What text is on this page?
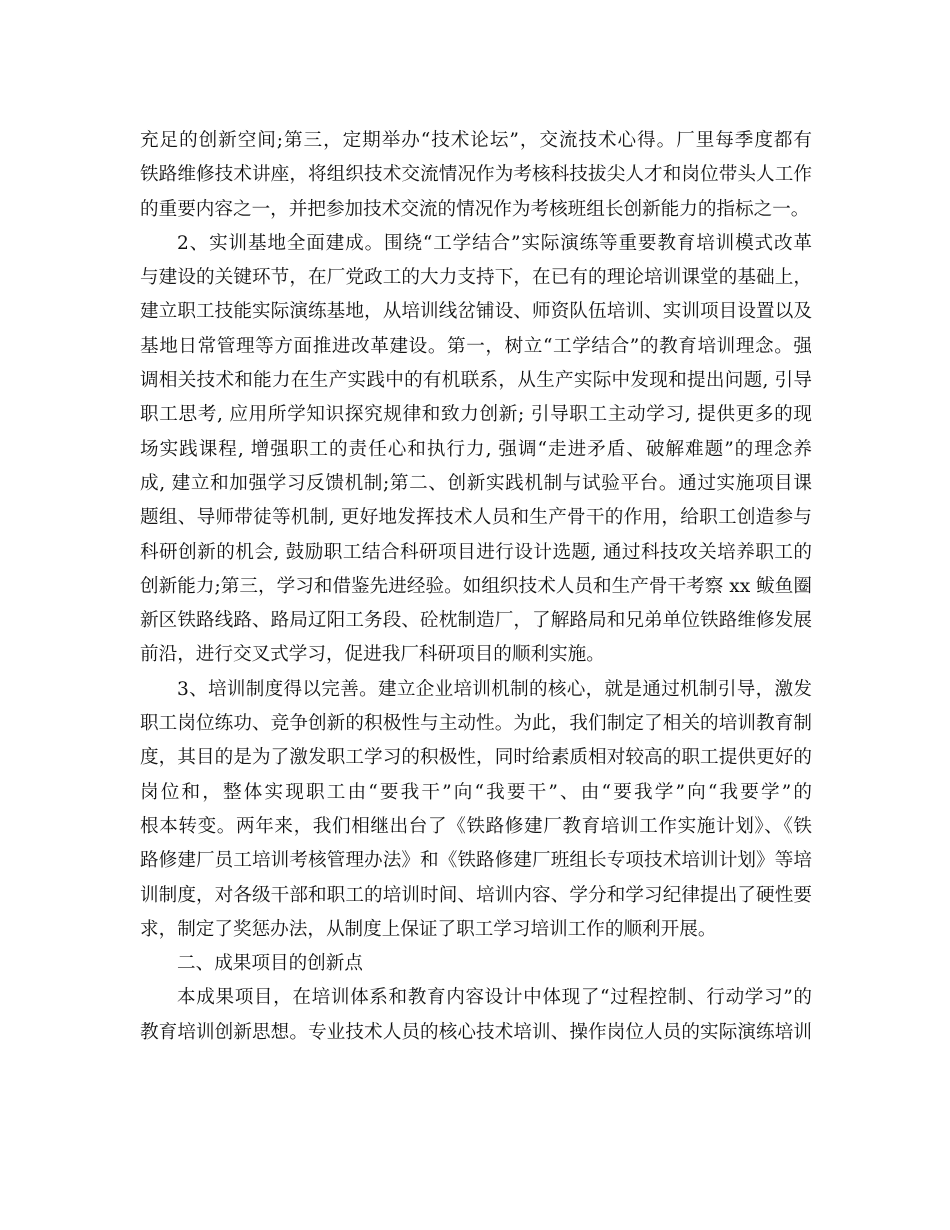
充足的创新空间;第三，定期举办“技术论坛”，交流技术心得。厂里每季度都有
铁路维修技术讲座，将组织技术交流情况作为考核科技拔尖人才和岗位带头人工作
的重要内容之一，并把参加技术交流的情况作为考核班组长创新能力的指标之一。
2、实训基地全面建成。围绕“工学结合”实际演练等重要教育培训模式改革
与建设的关键环节，在厂党政工的大力支持下，在已有的理论培训课堂的基础上，
建立职工技能实际演练基地，从培训线岔铺设、师资队伍培训、实训项目设置以及
基地日常管理等方面推进改革建设。第一，树立“工学结合”的教育培训理念。强
调相关技术和能力在生产实践中的有机联系，从生产实际中发现和提出问题, 引导
职工思考, 应用所学知识探究规律和致力创新; 引导职工主动学习, 提供更多的现
场实践课程, 增强职工的责任心和执行力, 强调“走进矛盾、破解难题”的理念养
成, 建立和加强学习反馈机制;第二、创新实践机制与试验平台。通过实施项目课
题组、导师带徒等机制, 更好地发挥技术人员和生产骨干的作用，给职工创造参与
科研创新的机会, 鼓励职工结合科研项目进行设计选题, 通过科技攻关培养职工的
创新能力;第三，学习和借鉴先进经验。如组织技术人员和生产骨干考察 xx 鲅鱼圈
新区铁路线路、路局辽阳工务段、砼枕制造厂，了解路局和兄弟单位铁路维修发展
前沿，进行交叉式学习，促进我厂科研项目的顺利实施。
3、培训制度得以完善。建立企业培训机制的核心，就是通过机制引导，激发
职工岗位练功、竞争创新的积极性与主动性。为此，我们制定了相关的培训教育制
度，其目的是为了激发职工学习的积极性，同时给素质相对较高的职工提供更好的
岗位和，整体实现职工由“要我干”向“我要干”、由“要我学”向“我要学”的
根本转变。两年来，我们相继出台了《铁路修建厂教育培训工作实施计划》、《铁
路修建厂员工培训考核管理办法》和《铁路修建厂班组长专项技术培训计划》等培
训制度，对各级干部和职工的培训时间、培训内容、学分和学习纪律提出了硬性要
求，制定了奖惩办法，从制度上保证了职工学习培训工作的顺利开展。
二、成果项目的创新点
本成果项目，在培训体系和教育内容设计中体现了“过程控制、行动学习”的
教育培训创新思想。专业技术人员的核心技术培训、操作岗位人员的实际演练培训
